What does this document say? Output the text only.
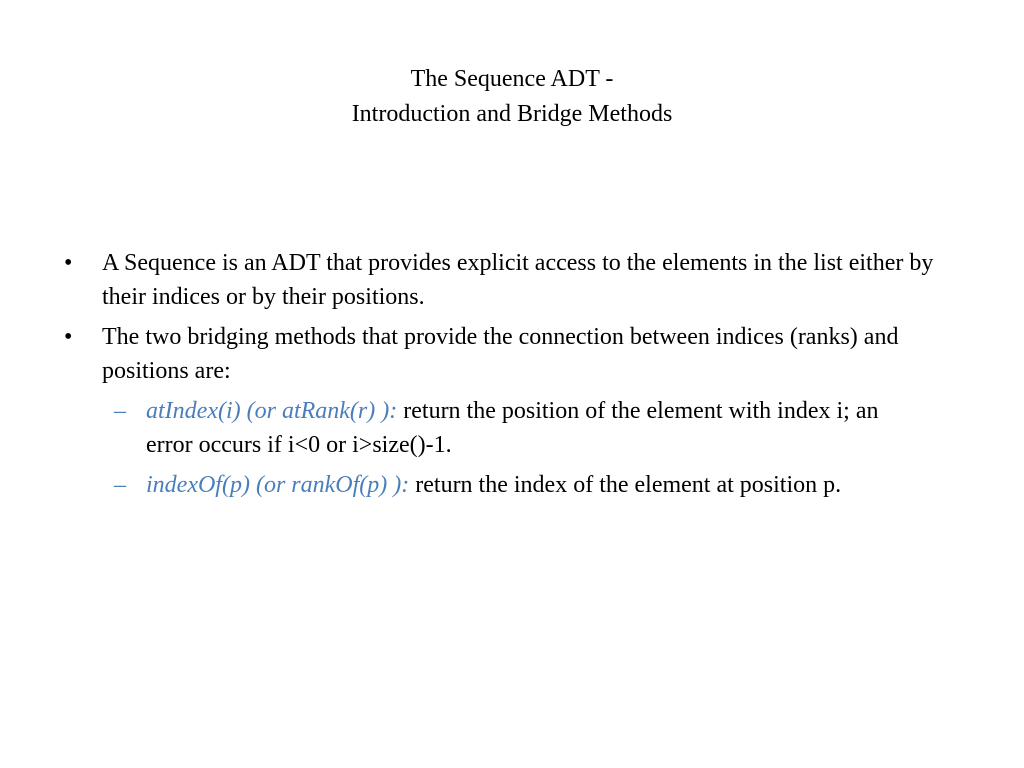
The Sequence ADT -
Introduction and Bridge Methods
• A Sequence is an ADT that provides explicit access to the elements in the list either by their indices or by their positions.
• The two bridging methods that provide the connection between indices (ranks) and positions are:
– atIndex(i) (or atRank(r) ): return the position of the element with index i; an error occurs if i<0 or i>size()-1.
– indexOf(p) (or rankOf(p) ): return the index of the element at position p.
